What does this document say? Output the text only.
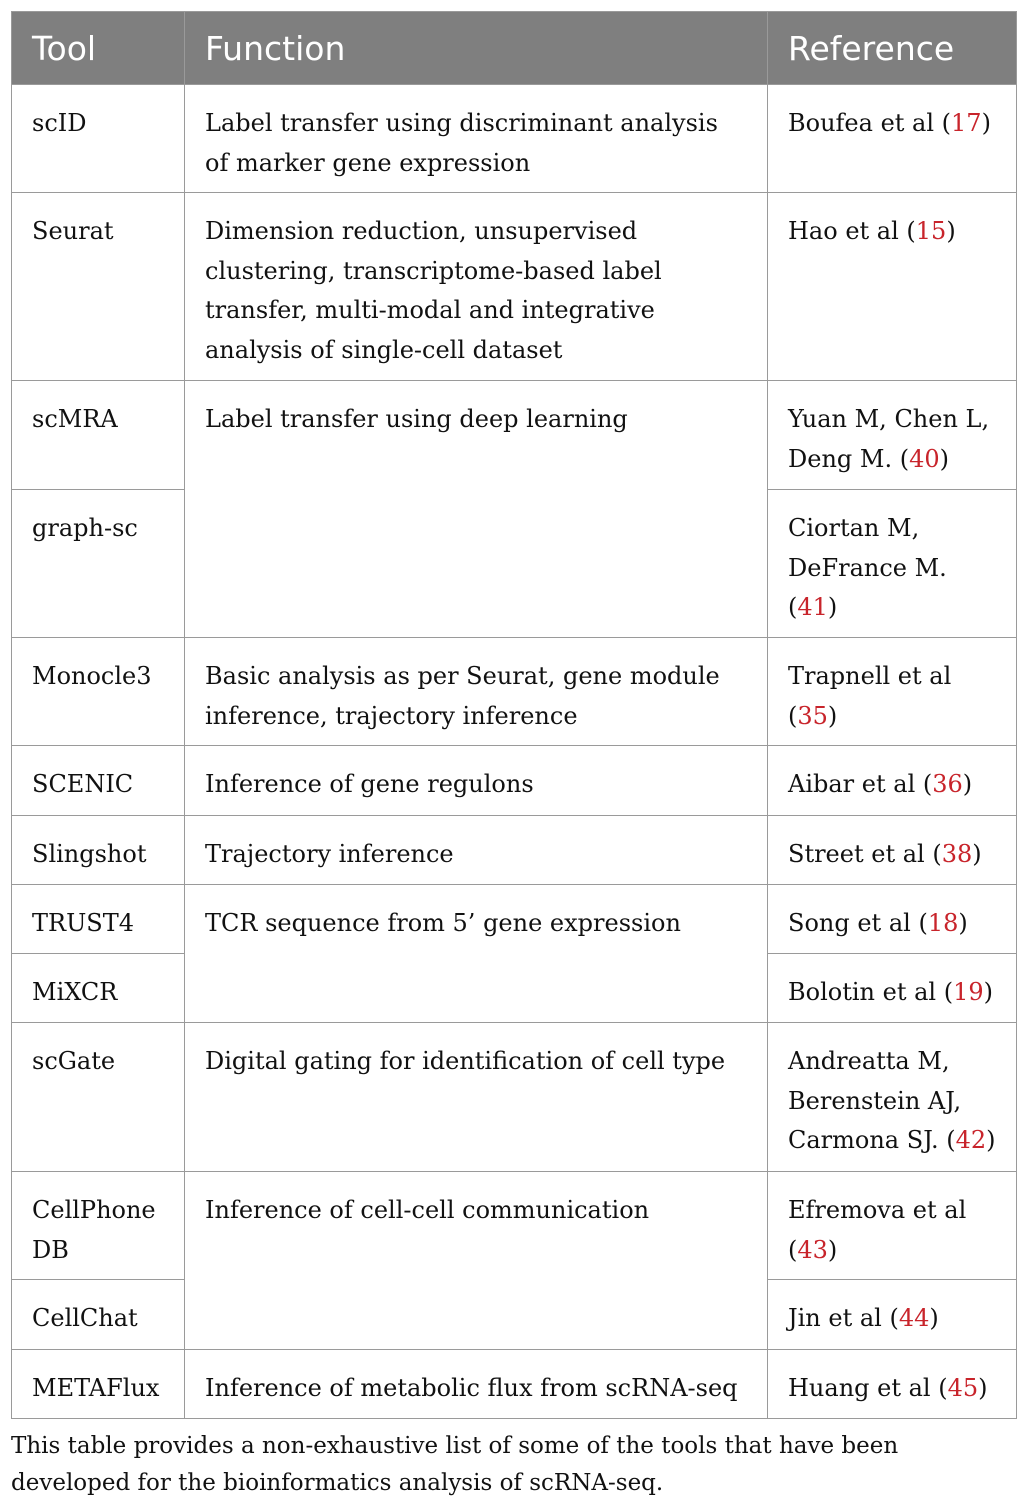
Tool	Function	Reference
scID	Label transfer using discriminant analysis of marker gene expression	Boufea et al (17)
Seurat	Dimension reduction, unsupervised clustering, transcriptome-based label transfer, multi-modal and integrative analysis of single-cell dataset	Hao et al (15)
scMRA	Label transfer using deep learning	Yuan M, Chen L, Deng M. (40)
graph-sc		Ciortan M, DeFrance M. (41)
Monocle3	Basic analysis as per Seurat, gene module inference, trajectory inference	Trapnell et al (35)
SCENIC	Inference of gene regulons	Aibar et al (36)
Slingshot	Trajectory inference	Street et al (38)
TRUST4	TCR sequence from 5’ gene expression	Song et al (18)
MiXCR		Bolotin et al (19)
scGate	Digital gating for identification of cell type	Andreatta M, Berenstein AJ, Carmona SJ. (42)
CellPhone DB	Inference of cell-cell communication	Efremova et al (43)
CellChat		Jin et al (44)
METAFlux	Inference of metabolic flux from scRNA-seq	Huang et al (45)
This table provides a non-exhaustive list of some of the tools that have been developed for the bioinformatics analysis of scRNA-seq.
